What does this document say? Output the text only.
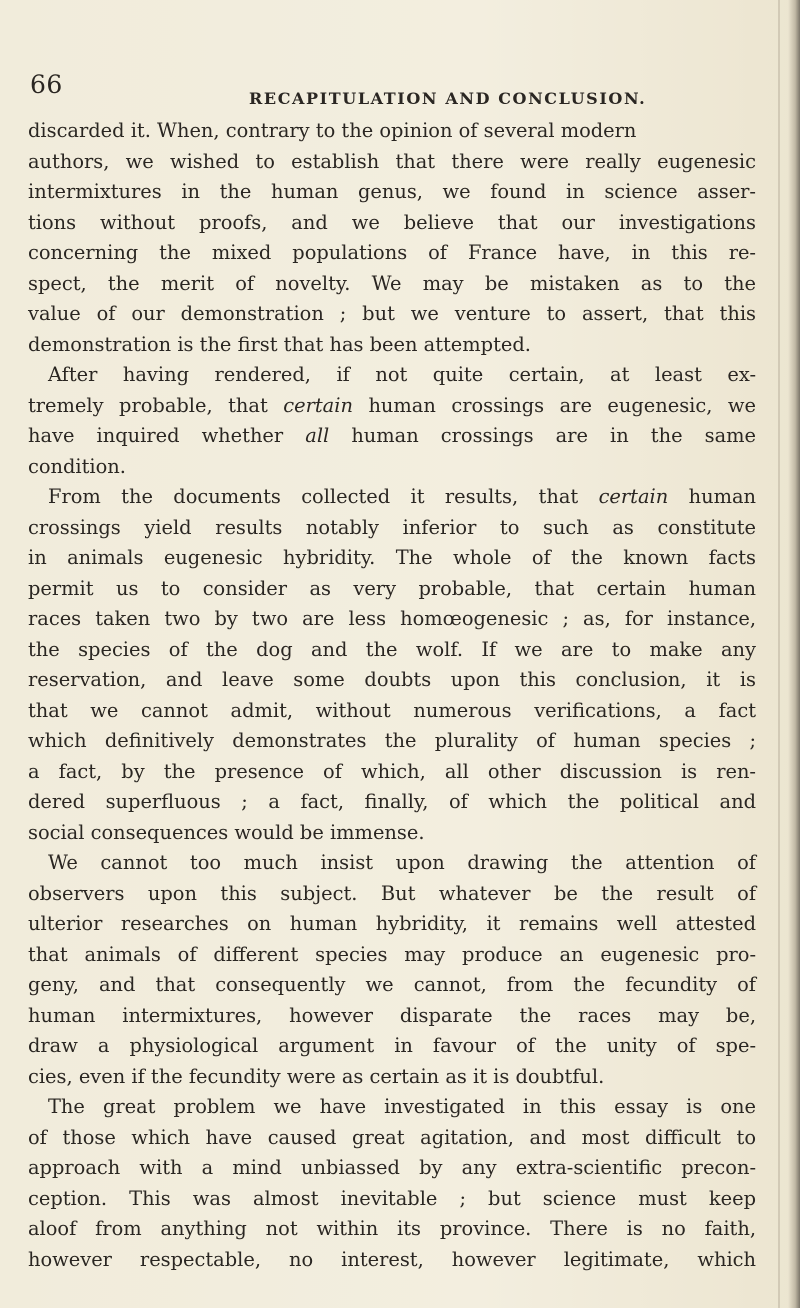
66	RECAPITULATION AND CONCLUSION.
discarded it. When, contrary to the opinion of several modern
authors, we wished to establish that there were really eugenesic
intermixtures in the human genus, we found in science asser-
tions without proofs, and we believe that our investigations
concerning the mixed populations of France have, in this re-
spect, the merit of novelty. We may be mistaken as to the
value of our demonstration ; but we venture to assert, that this
demonstration is the first that has been attempted.
After having rendered, if not quite certain, at least ex-
tremely probable, that certain human crossings are eugenesic, we
have inquired whether all human crossings are in the same
condition.
From the documents collected it results, that certain human
crossings yield results notably inferior to such as constitute
in animals eugenesic hybridity. The whole of the known facts
permit us to consider as very probable, that certain human
races taken two by two are less homœogenesic ; as, for instance,
the species of the dog and the wolf. If we are to make any
reservation, and leave some doubts upon this conclusion, it is
that we cannot admit, without numerous verifications, a fact
which definitively demonstrates the plurality of human species ;
a fact, by the presence of which, all other discussion is ren-
dered superfluous ; a fact, finally, of which the political and
social consequences would be immense.
We cannot too much insist upon drawing the attention of
observers upon this subject. But whatever be the result of
ulterior researches on human hybridity, it remains well attested
that animals of different species may produce an eugenesic pro-
geny, and that consequently we cannot, from the fecundity of
human intermixtures, however disparate the races may be,
draw a physiological argument in favour of the unity of spe-
cies, even if the fecundity were as certain as it is doubtful.
The great problem we have investigated in this essay is one
of those which have caused great agitation, and most difficult to
approach with a mind unbiassed by any extra-scientific precon-
ception. This was almost inevitable ; but science must keep
aloof from anything not within its province. There is no faith,
however respectable, no interest, however legitimate, which
